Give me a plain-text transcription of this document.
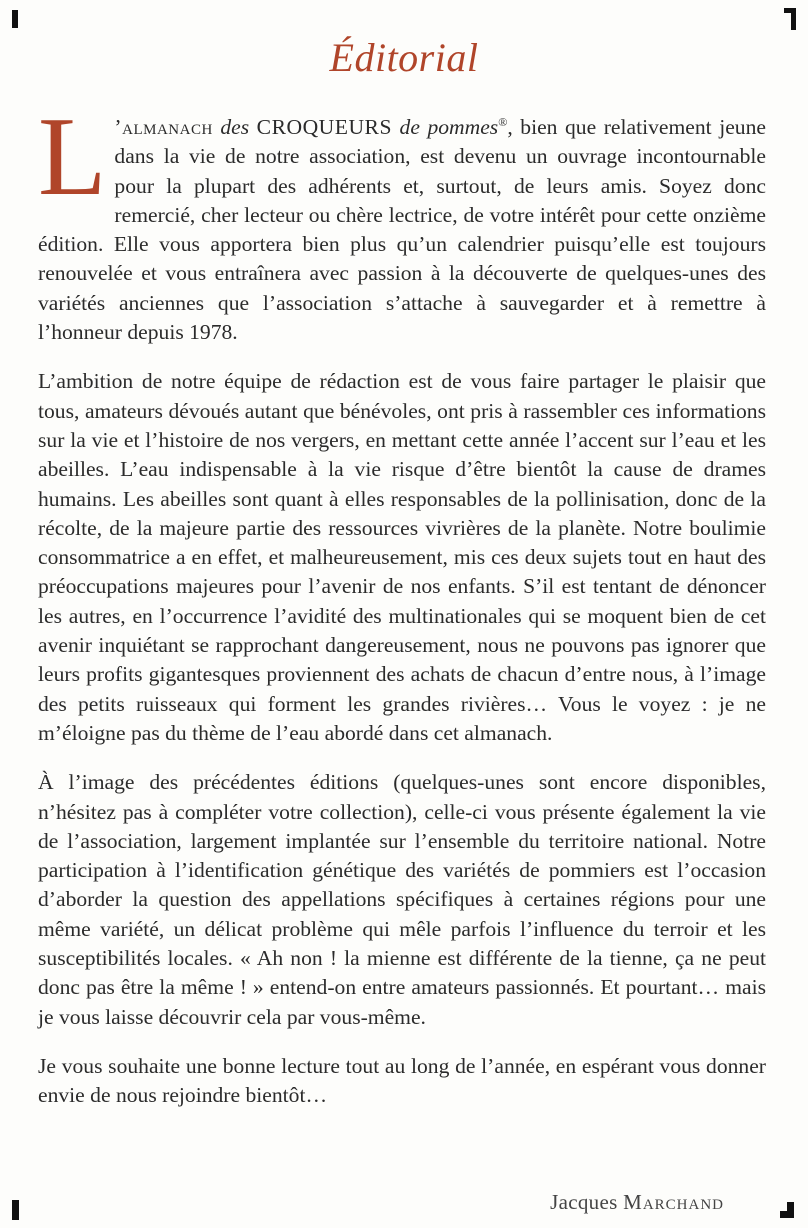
Éditorial

L ’almanach des CROQUEURS de pommes®, bien que relativement jeune dans la vie de notre association, est devenu un ouvrage incontournable pour la plupart des adhérents et, surtout, de leurs amis. Soyez donc remercié, cher lecteur ou chère lectrice, de votre intérêt pour cette onzième édition. Elle vous apportera bien plus qu’un calendrier puisqu’elle est toujours renouvelée et vous entraînera avec passion à la découverte de quelques-unes des variétés anciennes que l’association s’attache à sauvegarder et à remettre à l’honneur depuis 1978.

L’ambition de notre équipe de rédaction est de vous faire partager le plaisir que tous, amateurs dévoués autant que bénévoles, ont pris à rassembler ces informations sur la vie et l’histoire de nos vergers, en mettant cette année l’accent sur l’eau et les abeilles. L’eau indispensable à la vie risque d’être bientôt la cause de drames humains. Les abeilles sont quant à elles responsables de la pollinisation, donc de la récolte, de la majeure partie des ressources vivrières de la planète. Notre boulimie consommatrice a en effet, et malheureusement, mis ces deux sujets tout en haut des préoccupations majeures pour l’avenir de nos enfants. S’il est tentant de dénoncer les autres, en l’occurrence l’avidité des multinationales qui se moquent bien de cet avenir inquiétant se rapprochant dangereusement, nous ne pouvons pas ignorer que leurs profits gigantesques proviennent des achats de chacun d’entre nous, à l’image des petits ruisseaux qui forment les grandes rivières… Vous le voyez : je ne m’éloigne pas du thème de l’eau abordé dans cet almanach.

À l’image des précédentes éditions (quelques-unes sont encore disponibles, n’hésitez pas à compléter votre collection), celle-ci vous présente également la vie de l’association, largement implantée sur l’ensemble du territoire national. Notre participation à l’identification génétique des variétés de pommiers est l’occasion d’aborder la question des appellations spécifiques à certaines régions pour une même variété, un délicat problème qui mêle parfois l’influence du terroir et les susceptibilités locales. « Ah non ! la mienne est différente de la tienne, ça ne peut donc pas être la même ! » entend-on entre amateurs passionnés. Et pourtant… mais je vous laisse découvrir cela par vous-même.

Je vous souhaite une bonne lecture tout au long de l’année, en espérant vous donner envie de nous rejoindre bientôt…

Jacques Marchand
